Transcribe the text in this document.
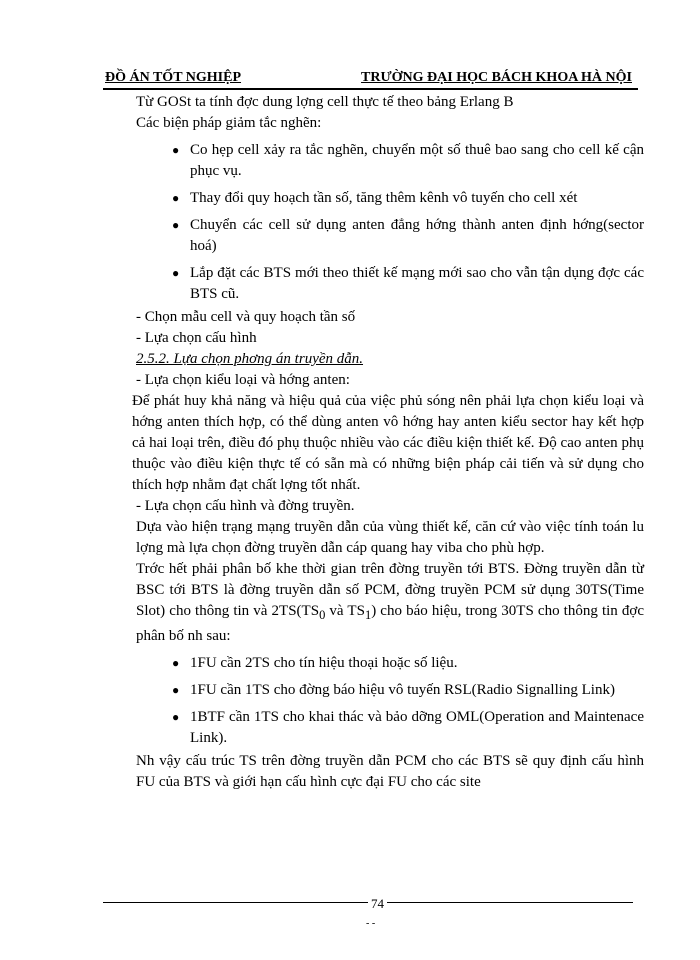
ĐỒ ÁN TỐT NGHIỆP	TRƯỜNG ĐẠI HỌC BÁCH KHOA HÀ NỘI

Từ GOSt ta tính đợc dung lợng cell thực tế theo bảng Erlang B

Các biện pháp giảm tắc nghẽn:

● Co hẹp cell xảy ra tắc nghẽn, chuyển một số thuê bao sang cho cell kế cận phục vụ.
● Thay đổi quy hoạch tần số, tăng thêm kênh vô tuyến cho cell xét
● Chuyển các cell sử dụng anten đẳng hớng thành anten định hớng(sector hoá)
● Lắp đặt các BTS mới theo thiết kế mạng mới sao cho vẫn tận dụng đợc các BTS cũ.

- Chọn mẫu cell và quy hoạch tần số

- Lựa chọn cấu hình

2.5.2. Lựa chọn phơng án truyền dẫn.

- Lựa chọn kiểu loại và hớng anten:

Để phát huy khả năng và hiệu quả của việc phủ sóng nên phải lựa chọn kiểu loại và hớng anten thích hợp, có thể dùng anten vô hớng hay anten kiểu sector hay kết hợp cả hai loại trên, điều đó phụ thuộc nhiều vào các điều kiện thiết kế. Độ cao anten phụ thuộc vào điều kiện thực tế có sẵn mà có những biện pháp cải tiến và sử dụng cho thích hợp nhằm đạt chất lợng tốt nhất.

- Lựa chọn cấu hình và đờng truyền.

Dựa vào hiện trạng mạng truyền dẫn của vùng thiết kế, căn cứ vào việc tính toán lu lợng mà lựa chọn đờng truyền dẫn cáp quang hay viba cho phù hợp.

Trớc hết phải phân bố khe thời gian trên đờng truyền tới BTS. Đờng truyền dẫn từ BSC tới BTS là đờng truyền dẫn số PCM, đờng truyền PCM sử dụng 30TS(Time Slot) cho thông tin và $2TS(TS_0$ và $TS_1$) cho báo hiệu, trong 30TS cho thông tin đợc phân bố nh sau:

● 1FU cần 2TS cho tín hiệu thoại hoặc số liệu.
● 1FU cần 1TS cho đờng báo hiệu vô tuyến RSL(Radio Signalling Link)
● 1BTF cần 1TS cho khai thác và bảo dỡng OML(Operation and Maintenace Link).

Nh vậy cấu trúc TS trên đờng truyền dẫn PCM cho các BTS sẽ quy định cấu hình FU của BTS và giới hạn cấu hình cực đại FU cho các site

74
- -
